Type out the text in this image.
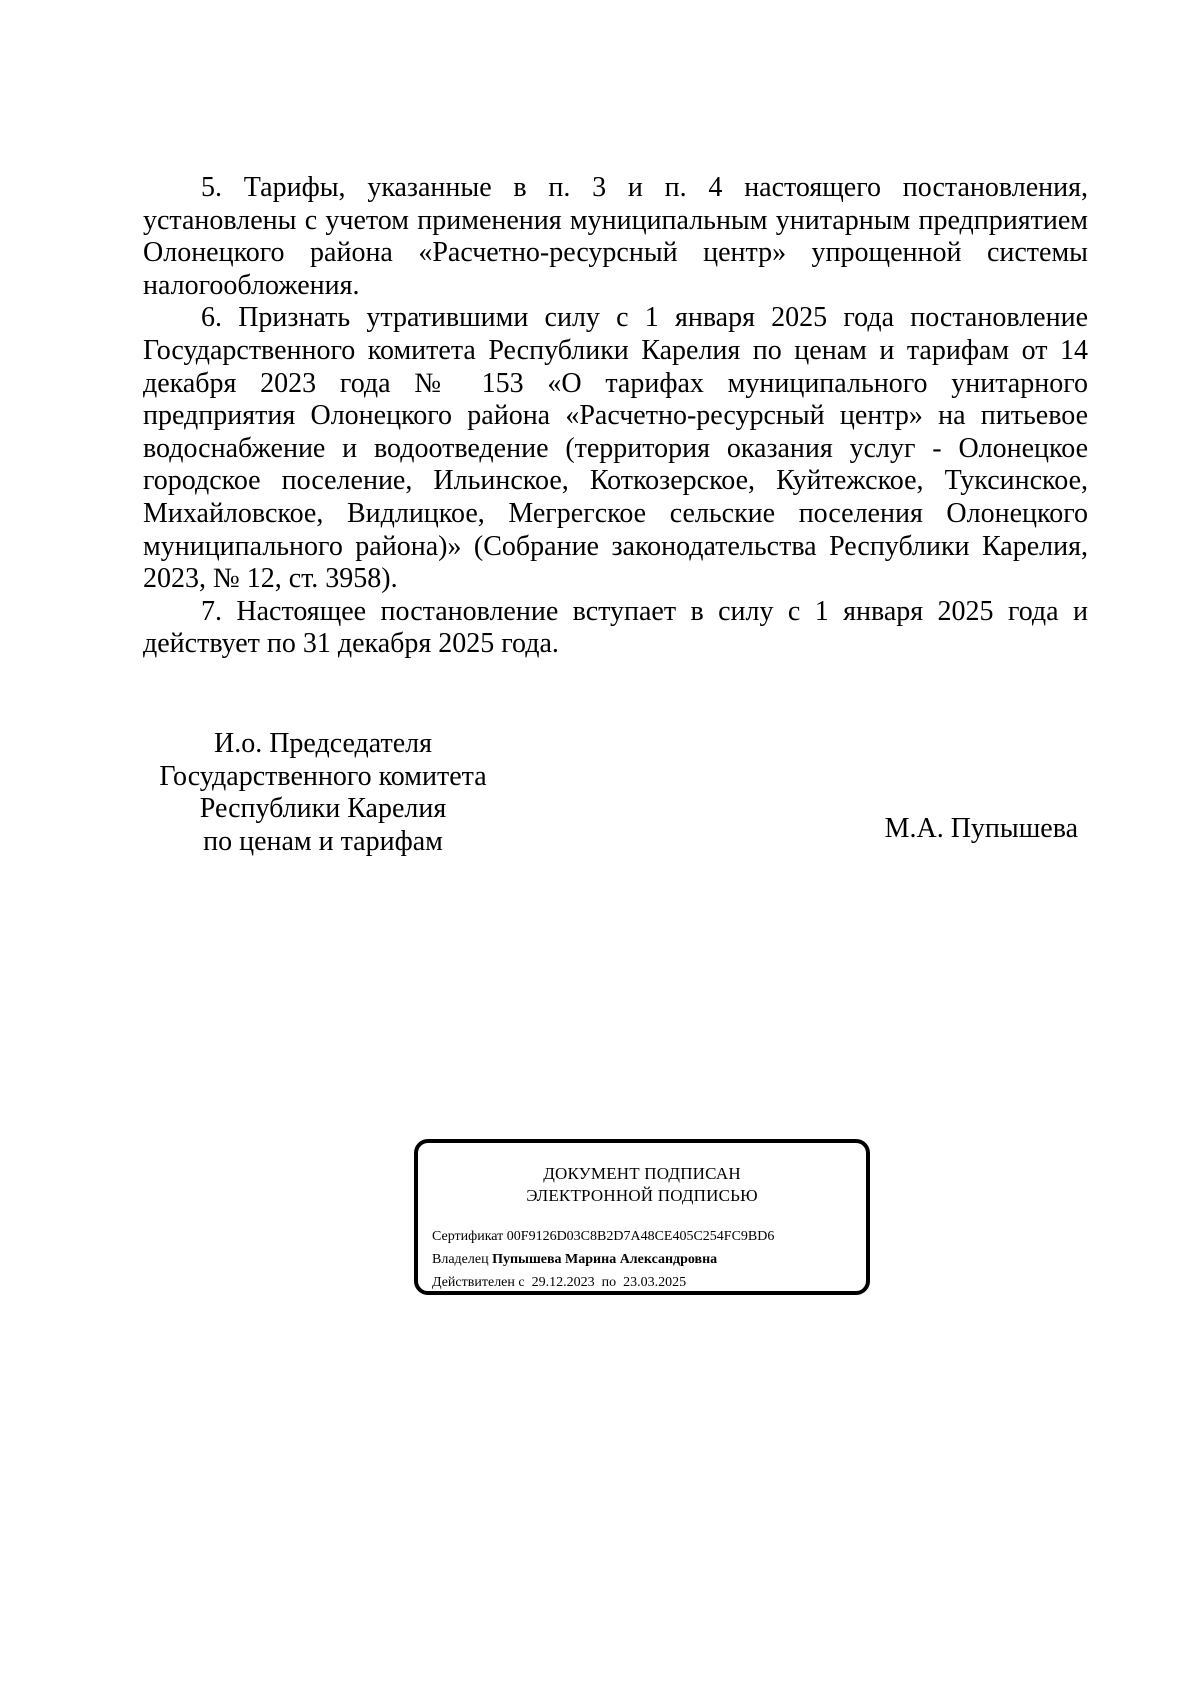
5. Тарифы, указанные в п. 3 и п. 4 настоящего постановления, установлены с учетом применения муниципальным унитарным предприятием Олонецкого района «Расчетно-ресурсный центр» упрощенной системы налогообложения.

6. Признать утратившими силу с 1 января 2025 года постановление Государственного комитета Республики Карелия по ценам и тарифам от 14 декабря 2023 года № 153 «О тарифах муниципального унитарного предприятия Олонецкого района «Расчетно-ресурсный центр» на питьевое водоснабжение и водоотведение (территория оказания услуг - Олонецкое городское поселение, Ильинское, Коткозерское, Куйтежское, Туксинское, Михайловское, Видлицкое, Мегрегское сельские поселения Олонецкого муниципального района)» (Собрание законодательства Республики Карелия, 2023, № 12, ст. 3958).

7. Настоящее постановление вступает в силу с 1 января 2025 года и действует по 31 декабря 2025 года.

И.о. Председателя
Государственного комитета
Республики Карелия
по ценам и тарифам	М.А. Пупышева
ДОКУМЕНТ ПОДПИСАН
ЭЛЕКТРОННОЙ ПОДПИСЬЮ
Сертификат 00F9126D03C8B2D7A48CE405C254FC9BD6
Владелец Пупышева Марина Александровна
Действителен с 29.12.2023 по 23.03.2025
